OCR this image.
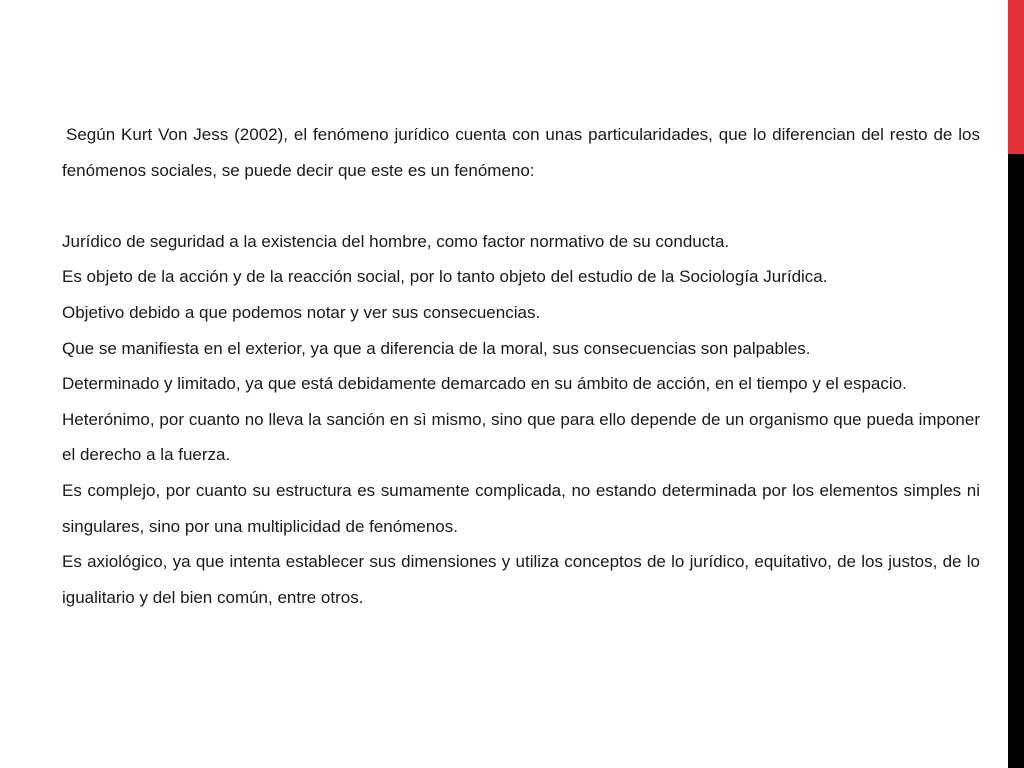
Según Kurt Von Jess (2002), el fenómeno jurídico cuenta con unas particularidades, que lo diferencian del resto de los fenómenos sociales, se puede decir que este es un fenómeno:

Jurídico de seguridad a la existencia del hombre, como factor normativo de su conducta.

Es objeto de la acción y de la reacción social, por lo tanto objeto del estudio de la Sociología Jurídica.

Objetivo debido a que podemos notar y ver sus consecuencias.

Que se manifiesta en el exterior, ya que a diferencia de la moral, sus consecuencias son palpables.

Determinado y limitado, ya que está debidamente demarcado en su ámbito de acción, en el tiempo y el espacio.

Heterónimo, por cuanto no lleva la sanción en sì mismo, sino que para ello depende de un organismo que pueda imponer el derecho a la fuerza.

Es complejo, por cuanto su estructura es sumamente complicada, no estando determinada por los elementos simples ni singulares, sino por una multiplicidad de fenómenos.

Es axiológico, ya que intenta establecer sus dimensiones y utiliza conceptos de lo jurídico, equitativo, de los justos, de lo igualitario y del bien común, entre otros.
